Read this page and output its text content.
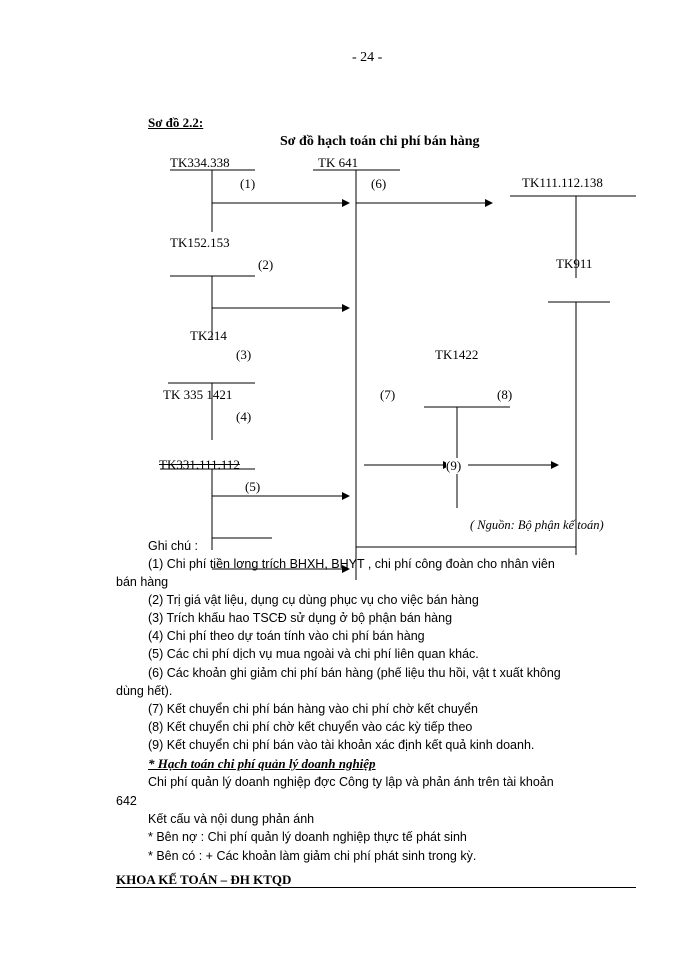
- 24 -
Sơ đồ 2.2:
Sơ đồ hạch toán chi phí bán hàng
TK334.338	TK 641
TK111.112.138
TK152.153
TK911
TK214
TK1422
TK 335 1421
TK331.111.112
(1)	(6)
(2)
(3)
(7)	(8)
(4)
(9)
(5)
( Nguồn: Bộ phận kế toán)
Ghi chú :
(1) Chi phí tiền lơng trích BHXH, BHYT , chi phí công đoàn cho nhân viên
bán hàng
(2) Trị giá vật liệu, dụng cụ dùng phục vụ cho việc bán hàng
(3) Trích khấu hao TSCĐ sử dụng ở bộ phận bán hàng
(4) Chi phí theo dự toán tính vào chi phí bán hàng
(5) Các chi phí dịch vụ mua ngoài và chi phí liên quan khác.
(6) Các khoản ghi giảm chi phí bán hàng (phế liệu thu hồi, vật t xuất không
dùng hết).
(7) Kết chuyển chi phí bán hàng vào chi phí chờ kết chuyển
(8) Kết chuyển chi phí chờ kết chuyển vào các kỳ tiếp theo
(9) Kết chuyển chi phí bán vào tài khoản xác định kết quả kinh doanh.
* Hạch toán chi phí quản lý doanh nghiệp
Chi phí quản lý doanh nghiệp đợc Công ty lập và phản ánh trên tài khoản
642
Kết cấu và nội dung phản ánh
* Bên nợ : Chi phí quản lý doanh nghiệp thực tế phát sinh
* Bên có : + Các khoản làm giảm chi phí phát sinh trong kỳ.
KHOA KẾ TOÁN – ĐH KTQD
